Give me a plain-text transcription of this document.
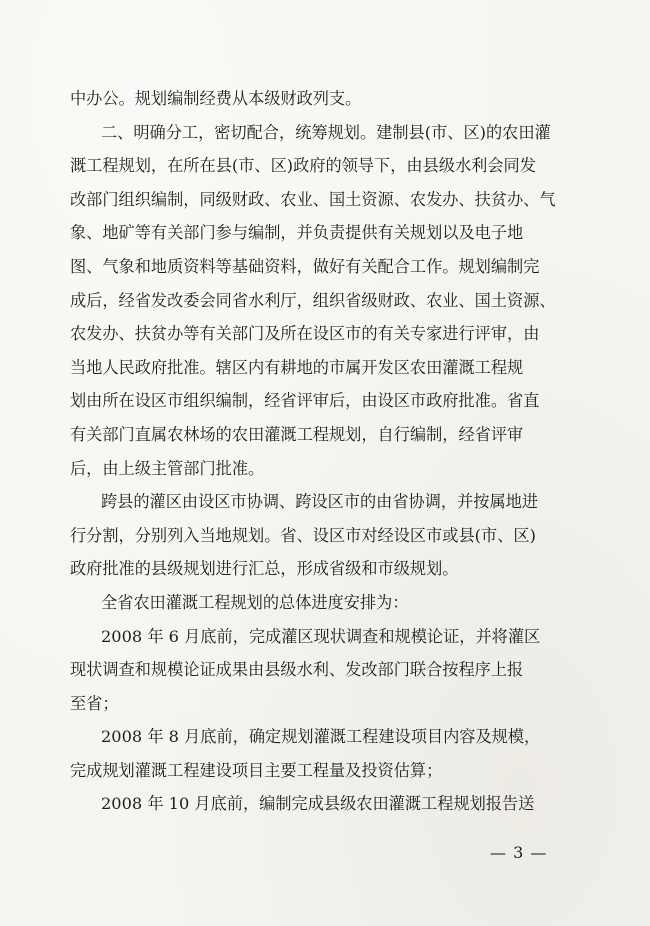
中办公。规划编制经费从本级财政列支。
二、明确分工，密切配合，统筹规划。建制县(市、区)的农田灌
溉工程规划，在所在县(市、区)政府的领导下，由县级水利会同发
改部门组织编制，同级财政、农业、国土资源、农发办、扶贫办、气
象、地矿等有关部门参与编制，并负责提供有关规划以及电子地
图、气象和地质资料等基础资料，做好有关配合工作。规划编制完
成后，经省发改委会同省水利厅，组织省级财政、农业、国土资源、
农发办、扶贫办等有关部门及所在设区市的有关专家进行评审，由
当地人民政府批准。辖区内有耕地的市属开发区农田灌溉工程规
划由所在设区市组织编制，经省评审后，由设区市政府批准。省直
有关部门直属农林场的农田灌溉工程规划，自行编制，经省评审
后，由上级主管部门批准。
跨县的灌区由设区市协调、跨设区市的由省协调，并按属地进
行分割，分别列入当地规划。省、设区市对经设区市或县(市、区)
政府批准的县级规划进行汇总，形成省级和市级规划。
全省农田灌溉工程规划的总体进度安排为：
2008 年 6 月底前，完成灌区现状调查和规模论证，并将灌区
现状调查和规模论证成果由县级水利、发改部门联合按程序上报
至省；
2008 年 8 月底前，确定规划灌溉工程建设项目内容及规模，
完成规划灌溉工程建设项目主要工程量及投资估算；
2008 年 10 月底前，编制完成县级农田灌溉工程规划报告送
— 3 —
